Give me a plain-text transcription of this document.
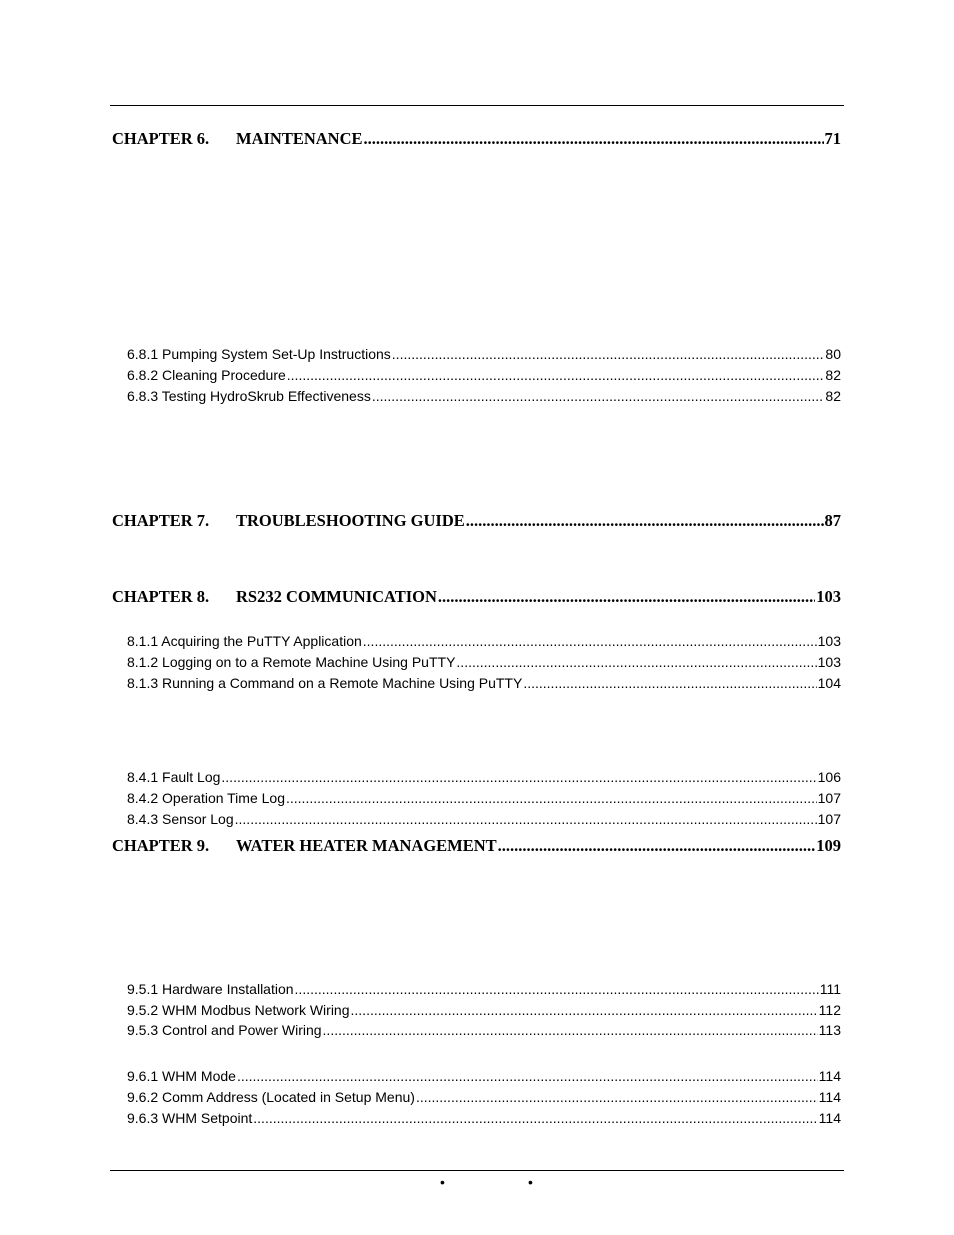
CHAPTER 6.	MAINTENANCE .....	71
6.8.1 Pumping System Set-Up Instructions .....	80
6.8.2 Cleaning Procedure .....	82
6.8.3 Testing HydroSkrub Effectiveness .....	82
CHAPTER 7.	TROUBLESHOOTING GUIDE .....	87
CHAPTER 8.	RS232 COMMUNICATION .....	103
8.1.1 Acquiring the PuTTY Application .....	103
8.1.2 Logging on to a Remote Machine Using PuTTY .....	103
8.1.3 Running a Command on a Remote Machine Using PuTTY .....	104
8.4.1 Fault Log .....	106
8.4.2 Operation Time Log .....	107
8.4.3 Sensor Log .....	107
CHAPTER 9.	WATER HEATER MANAGEMENT .....	109
9.5.1 Hardware Installation .....	111
9.5.2 WHM Modbus Network Wiring .....	112
9.5.3 Control and Power Wiring .....	113
9.6.1 WHM Mode .....	114
9.6.2 Comm Address (Located in Setup Menu) .....	114
9.6.3 WHM Setpoint .....	114
•	•
